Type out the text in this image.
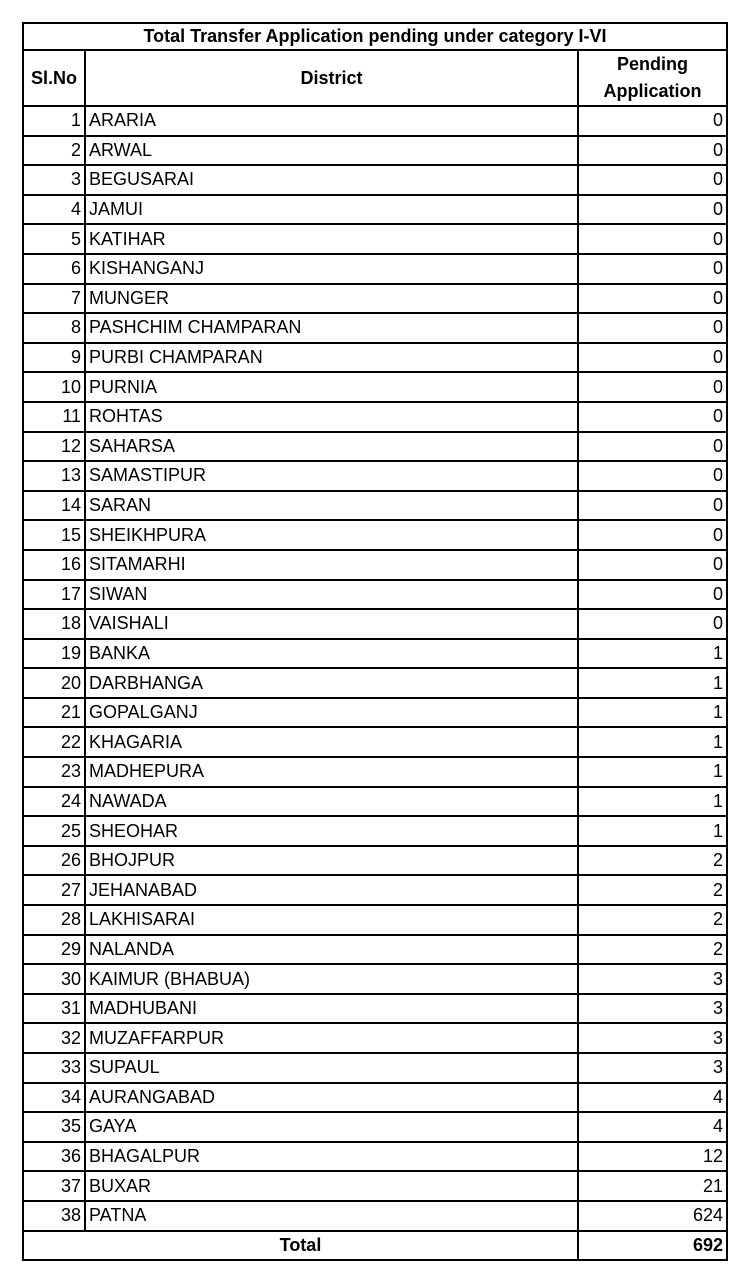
Total Transfer Application pending under category I-VI		
Sl.No	District	Pending
Application
1	ARARIA	0
2	ARWAL	0
3	BEGUSARAI	0
4	JAMUI	0
5	KATIHAR	0
6	KISHANGANJ	0
7	MUNGER	0
8	PASHCHIM CHAMPARAN	0
9	PURBI CHAMPARAN	0
10	PURNIA	0
11	ROHTAS	0
12	SAHARSA	0
13	SAMASTIPUR	0
14	SARAN	0
15	SHEIKHPURA	0
16	SITAMARHI	0
17	SIWAN	0
18	VAISHALI	0
19	BANKA	1
20	DARBHANGA	1
21	GOPALGANJ	1
22	KHAGARIA	1
23	MADHEPURA	1
24	NAWADA	1
25	SHEOHAR	1
26	BHOJPUR	2
27	JEHANABAD	2
28	LAKHISARAI	2
29	NALANDA	2
30	KAIMUR (BHABUA)	3
31	MADHUBANI	3
32	MUZAFFARPUR	3
33	SUPAUL	3
34	AURANGABAD	4
35	GAYA	4
36	BHAGALPUR	12
37	BUXAR	21
38	PATNA	624
Total		692
